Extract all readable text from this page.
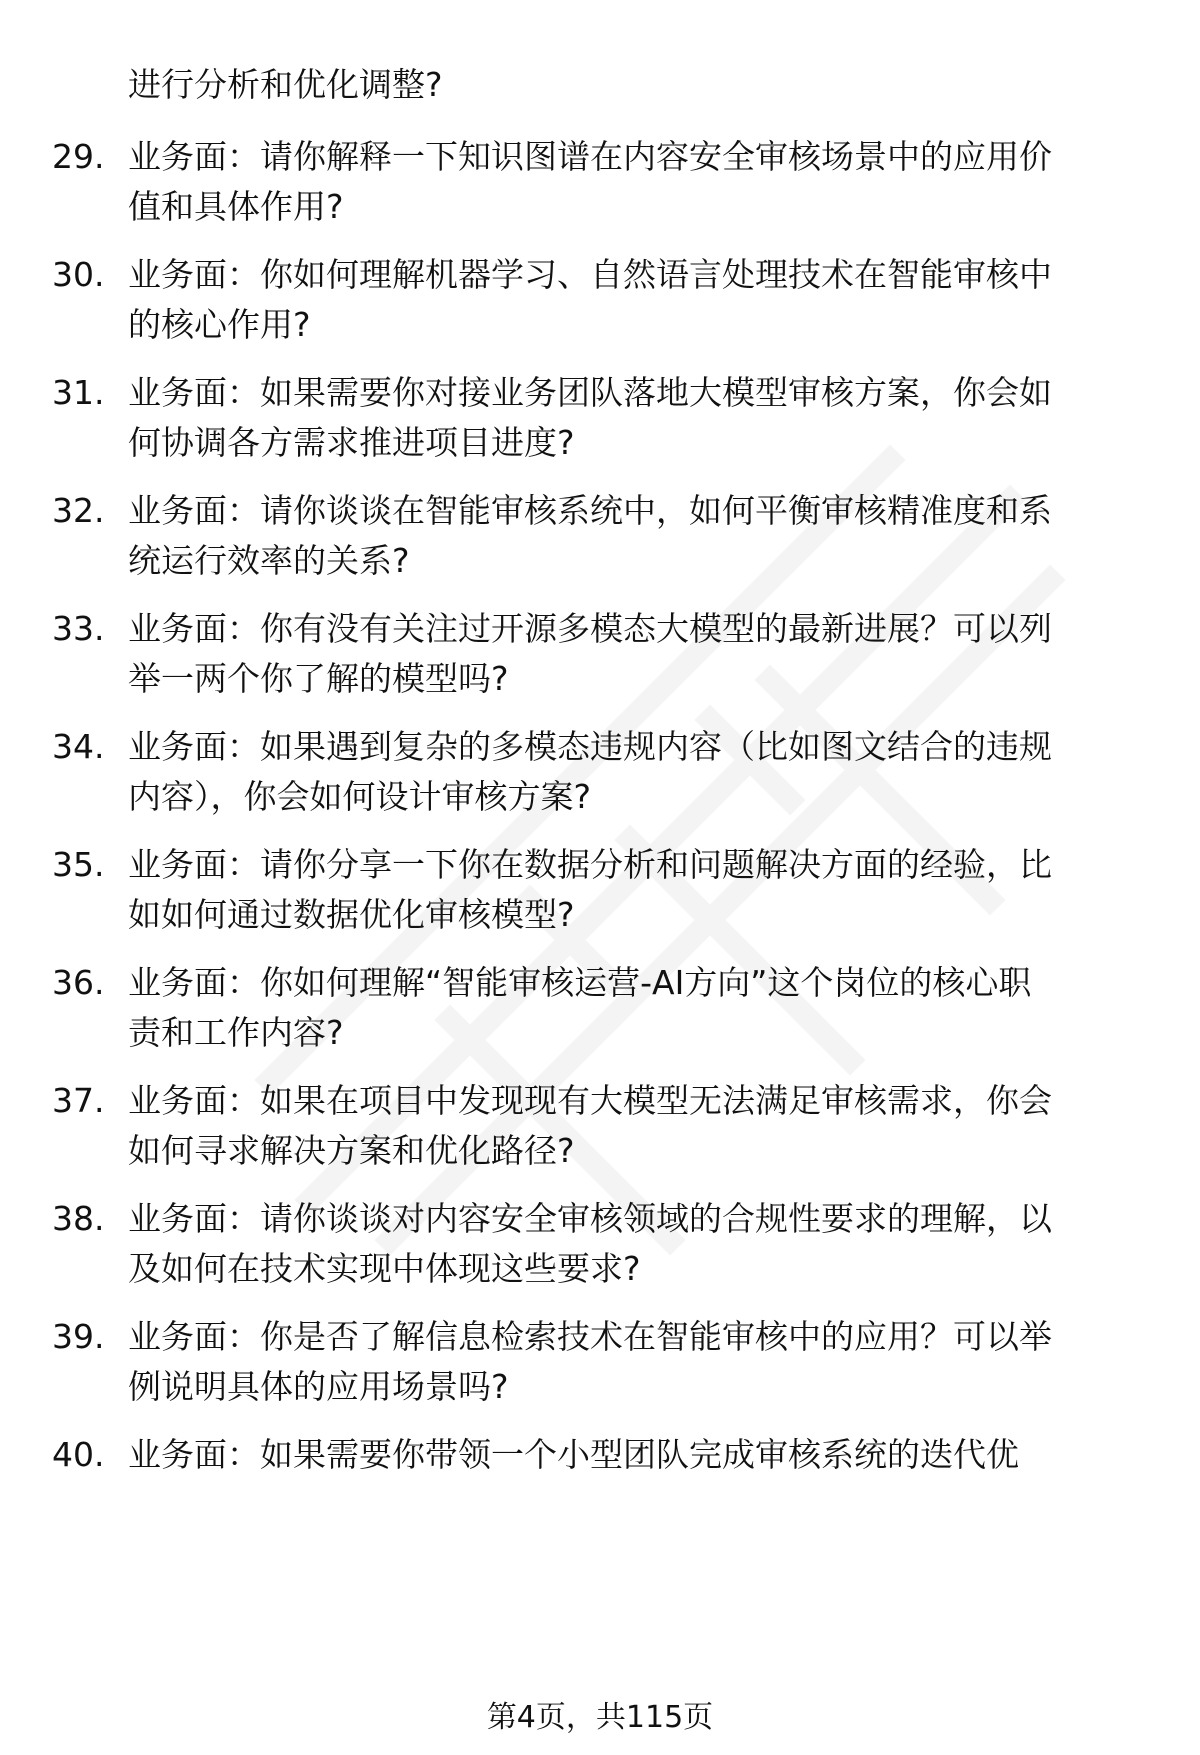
进行分析和优化调整?
29. 业务面：请你解释一下知识图谱在内容安全审核场景中的应用价
值和具体作用?
30. 业务面：你如何理解机器学习、自然语言处理技术在智能审核中
的核心作用?
31. 业务面：如果需要你对接业务团队落地大模型审核方案，你会如
何协调各方需求推进项目进度?
32. 业务面：请你谈谈在智能审核系统中，如何平衡审核精准度和系
统运行效率的关系?
33. 业务面：你有没有关注过开源多模态大模型的最新进展？可以列
举一两个你了解的模型吗?
34. 业务面：如果遇到复杂的多模态违规内容（比如图文结合的违规
内容），你会如何设计审核方案?
35. 业务面：请你分享一下你在数据分析和问题解决方面的经验，比
如如何通过数据优化审核模型?
36. 业务面：你如何理解“智能审核运营-AI方向”这个岗位的核心职
责和工作内容?
37. 业务面：如果在项目中发现现有大模型无法满足审核需求，你会
如何寻求解决方案和优化路径?
38. 业务面：请你谈谈对内容安全审核领域的合规性要求的理解，以
及如何在技术实现中体现这些要求?
39. 业务面：你是否了解信息检索技术在智能审核中的应用？可以举
例说明具体的应用场景吗?
40. 业务面：如果需要你带领一个小型团队完成审核系统的迭代优
第4页，共115页
